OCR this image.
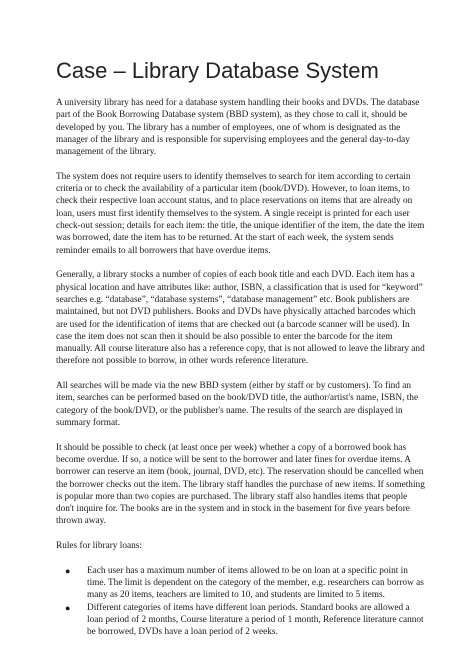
Case – Library Database System

A university library has need for a database system handling their books and DVDs. The database part of the Book Borrowing Database system (BBD system), as they chose to call it, should be developed by you. The library has a number of employees, one of whom is designated as the manager of the library and is responsible for supervising employees and the general day-to-day management of the library.

The system does not require users to identify themselves to search for item according to certain criteria or to check the availability of a particular item (book/DVD). However, to loan items, to check their respective loan account status, and to place reservations on items that are already on loan, users must first identify themselves to the system. A single receipt is printed for each user check-out session; details for each item: the title, the unique identifier of the item, the date the item was borrowed, date the item has to be returned. At the start of each week, the system sends reminder emails to all borrowers that have overdue items.

Generally, a library stocks a number of copies of each book title and each DVD. Each item has a physical location and have attributes like: author, ISBN, a classification that is used for “keyword” searches e.g. “database”, “database systems”, “database management” etc. Book publishers are maintained, but not DVD publishers. Books and DVDs have physically attached barcodes which are used for the identification of items that are checked out (a barcode scanner will be used). In case the item does not scan then it should be also possible to enter the barcode for the item manually. All course literature also has a reference copy, that is not allowed to leave the library and therefore not possible to borrow, in other words reference literature.

All searches will be made via the new BBD system (either by staff or by customers). To find an item, searches can be performed based on the book/DVD title, the author/artist's name, ISBN, the category of the book/DVD, or the publisher's name. The results of the search are displayed in summary format.

It should be possible to check (at least once per week) whether a copy of a borrowed book has become overdue. If so, a notice will be sent to the borrower and later fines for overdue items. A borrower can reserve an item (book, journal, DVD, etc). The reservation should be cancelled when the borrower checks out the item. The library staff handles the purchase of new items. If something is popular more than two copies are purchased. The library staff also handles items that people don't inquire for. The books are in the system and in stock in the basement for five years before thrown away.

Rules for library loans:

● Each user has a maximum number of items allowed to be on loan at a specific point in time. The limit is dependent on the category of the member, e.g. researchers can borrow as many as 20 items, teachers are limited to 10, and students are limited to 5 items.
● Different categories of items have different loan periods. Standard books are allowed a loan period of 2 months, Course literature a period of 1 month, Reference literature cannot be borrowed, DVDs have a loan period of 2 weeks.
